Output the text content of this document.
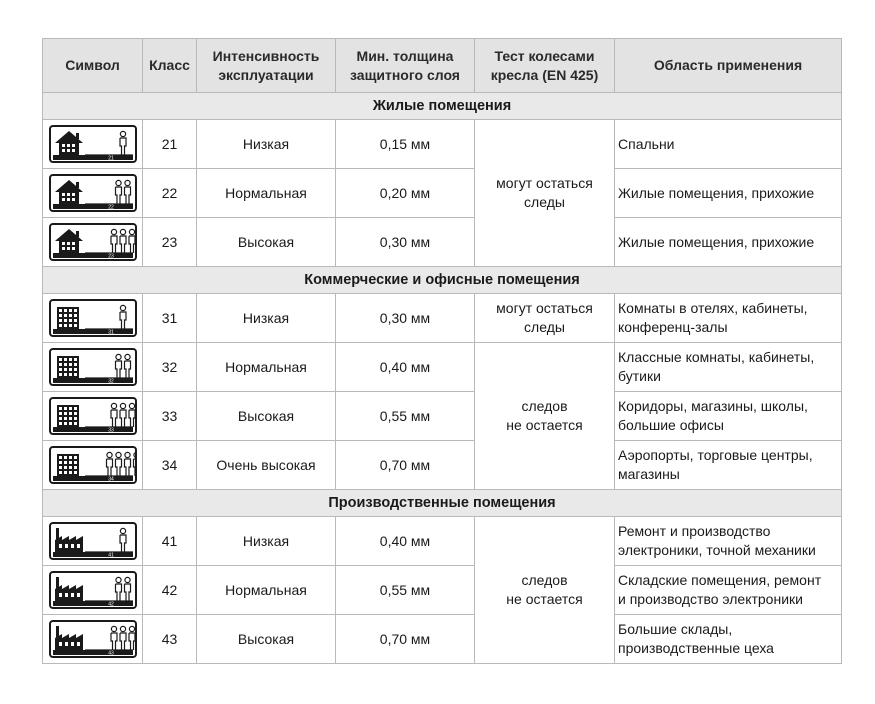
Символ	Класс	Интенсивность эксплуатации	Мин. толщина защитного слоя	Тест колесами кресла (EN 425)	Область применения
Жилые помещения					

21	21	Низкая	0,15 мм	могут остаться
следы	Спальни

22	22	Нормальная	0,20 мм		Жилые помещения, прихожие

23	23	Высокая	0,30 мм		Жилые помещения, прихожие
Коммерческие и офисные помещения					

31	31	Низкая	0,30 мм	могут остаться
следы	Комнаты в отелях, кабинеты,
конференц-залы

32	32	Нормальная	0,40 мм	следов
не остается	Классные комнаты, кабинеты,
бутики

33	33	Высокая	0,55 мм		Коридоры, магазины, школы,
большие офисы

34	34	Очень высокая	0,70 мм		Аэропорты, торговые центры,
магазины
Производственные помещения					

41	41	Низкая	0,40 мм	следов
не остается	Ремонт и производство
электроники, точной механики

42	42	Нормальная	0,55 мм		Складские помещения, ремонт
и производство электроники

43	43	Высокая	0,70 мм		Большие склады,
производственные цеха
